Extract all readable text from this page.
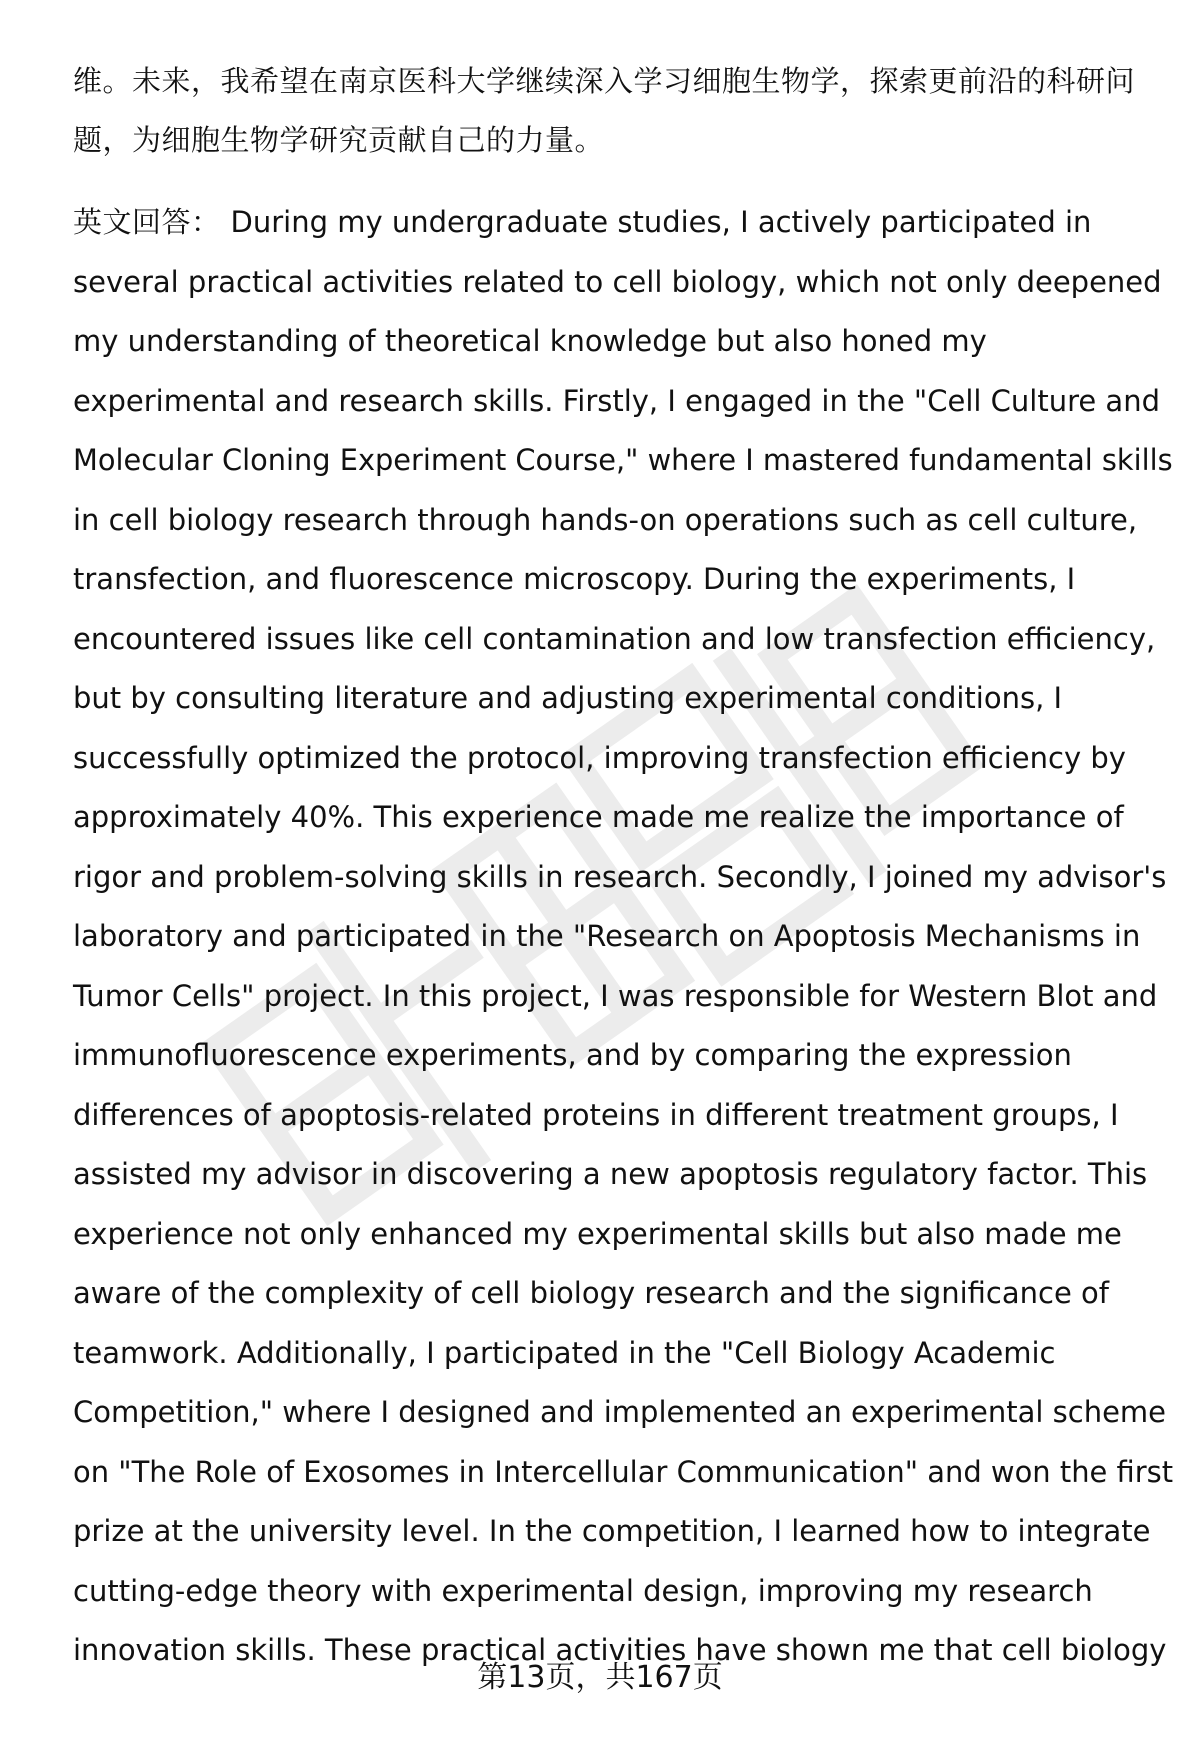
维。未来，我希望在南京医科大学继续深入学习细胞生物学，探索更前沿的科研问
题，为细胞生物学研究贡献自己的力量。

英文回答： During my undergraduate studies, I actively participated in
several practical activities related to cell biology, which not only deepened
my understanding of theoretical knowledge but also honed my
experimental and research skills. Firstly, I engaged in the "Cell Culture and
Molecular Cloning Experiment Course," where I mastered fundamental skills
in cell biology research through hands-on operations such as cell culture,
transfection, and fluorescence microscopy. During the experiments, I
encountered issues like cell contamination and low transfection efficiency,
but by consulting literature and adjusting experimental conditions, I
successfully optimized the protocol, improving transfection efficiency by
approximately 40%. This experience made me realize the importance of
rigor and problem-solving skills in research. Secondly, I joined my advisor's
laboratory and participated in the "Research on Apoptosis Mechanisms in
Tumor Cells" project. In this project, I was responsible for Western Blot and
immunofluorescence experiments, and by comparing the expression
differences of apoptosis-related proteins in different treatment groups, I
assisted my advisor in discovering a new apoptosis regulatory factor. This
experience not only enhanced my experimental skills but also made me
aware of the complexity of cell biology research and the significance of
teamwork. Additionally, I participated in the "Cell Biology Academic
Competition," where I designed and implemented an experimental scheme
on "The Role of Exosomes in Intercellular Communication" and won the first
prize at the university level. In the competition, I learned how to integrate
cutting-edge theory with experimental design, improving my research
innovation skills. These practical activities have shown me that cell biology

第13页，共167页
